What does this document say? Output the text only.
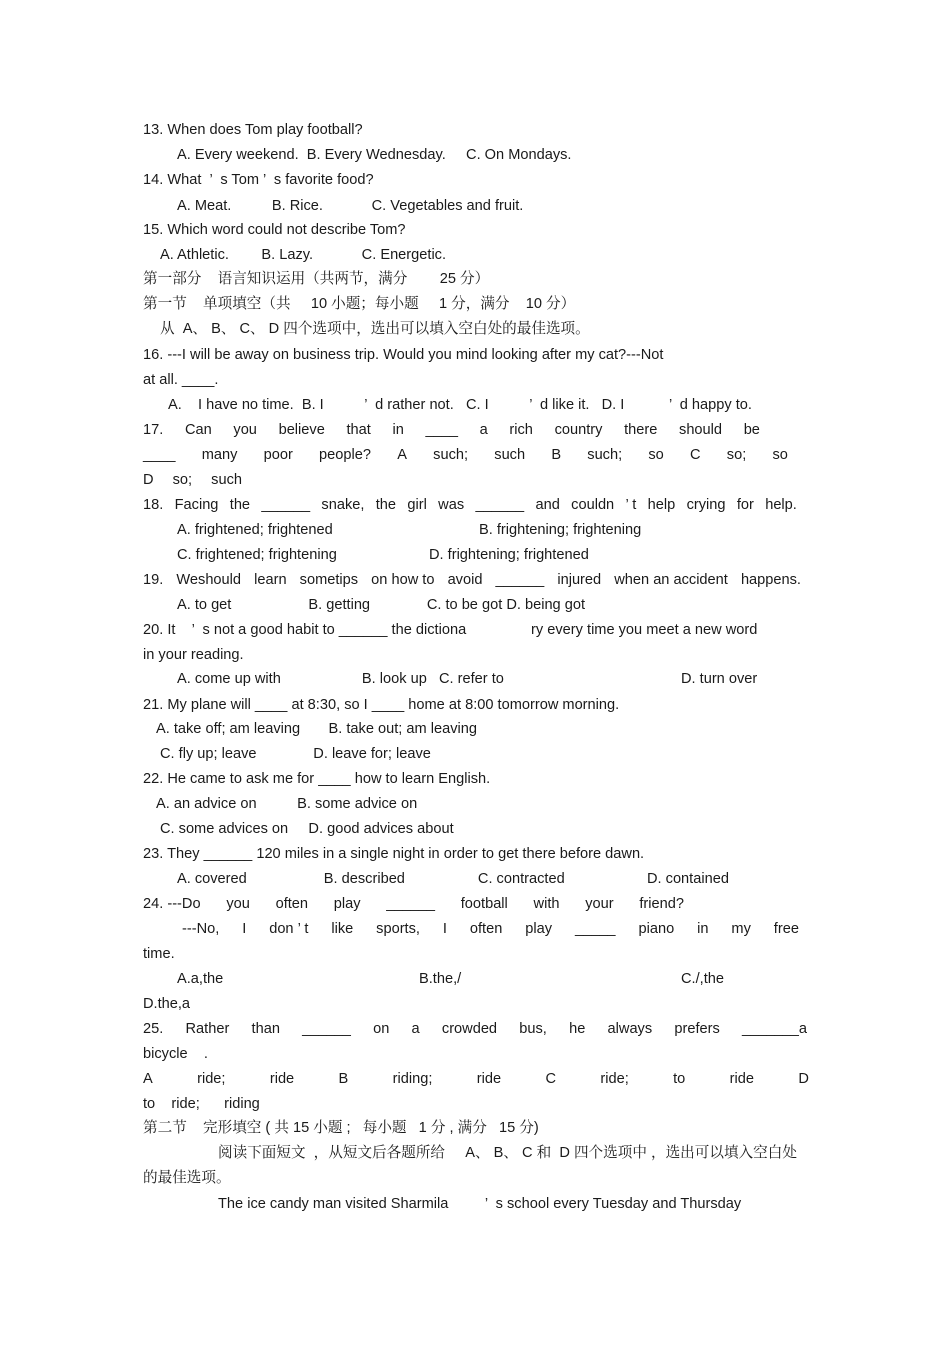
13. When does Tom play football?
A. Every weekend.  B. Every Wednesday.     C. On Mondays.
14. What  ’  s Tom ’  s favorite food?
A. Meat.          B. Rice.            C. Vegetables and fruit.
15. Which word could not describe Tom?
A. Athletic.        B. Lazy.            C. Energetic.
第一部分    语言知识运用（共两节，满分        25 分）
第一节    单项填空（共     10 小题；每小题     1 分，满分    10 分）
从  A、 B、 C、 D 四个选项中，选出可以填入空白处的最佳选项。
16. ---I will be away on business trip. Would you mind looking after my cat?---Not
at all. ____.
A.    I have no time.  B. I          ’  d rather not.   C. I          ’  d like it.   D. I           ’  d happy to.
17. Can you believe that in ____ a rich country there should be
____ many poor people? A such; such B such; so C so; so
D so; such
18. Facing the ______ snake, the girl was ______ and couldn ’ t help crying for help.
A. frightened; frightened	B. frightening; frightening
C. frightened; frightening	D. frightening; frightened
19. Weshould learn sometips on how to avoid ______ injured when an accident happens.
A. to get                   B. getting              C. to be got D. being got
20. It    ’  s not a good habit to ______ the dictiona                ry every time you meet a new word
in your reading.
A. come up with                    B. look up   C. refer to	D. turn over
21. My plane will ____ at 8:30, so I ____ home at 8:00 tomorrow morning.
A. take off; am leaving       B. take out; am leaving
C. fly up; leave              D. leave for; leave
22. He came to ask me for ____ how to learn English.
A. an advice on          B. some advice on
C. some advices on     D. good advices about
23. They ______ 120 miles in a single night in order to get there before dawn.
A. covered                   B. described                  C. contracted	D. contained
24. ---Do you often play ______ football with your friend?
---No, I don ’ t like sports, I often play _____ piano in my free
time.
A.a,the	B.the,/	C./,the
D.the,a
25. Rather than ______ on a crowded bus, he always prefers _______a
bicycle    .
A	ride;	ride	B	riding;	ride	C	ride;	to	ride	D
to    ride;      riding
第二节    完形填空 ( 共 15 小题 ;   每小题   1 分 , 满分   15 分)
阅读下面短文  ，从短文后各题所给     A、 B、 C 和  D 四个选项中 ，选出可以填入空白处
的最佳选项。
The ice candy man visited Sharmila         ’  s school every Tuesday and Thursday
